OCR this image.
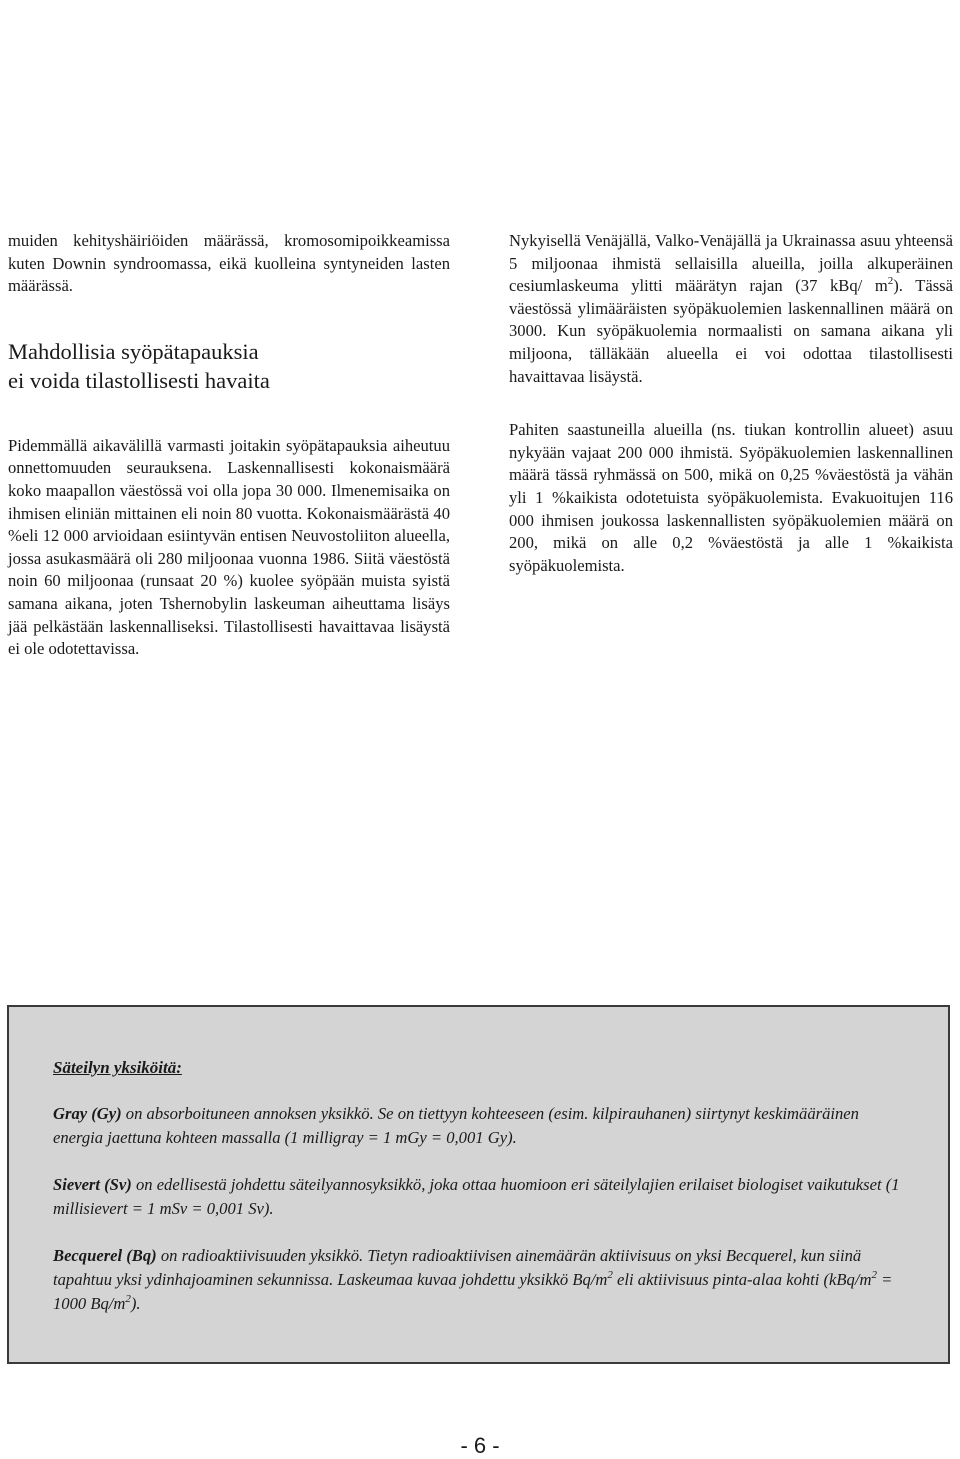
muiden kehityshäiriöiden määrässä, kromosomipoikkeamissa kuten Downin syndroomassa, eikä kuolleina syntyneiden lasten määrässä.

Mahdollisia syöpätapauksia
ei voida tilastollisesti havaita

Pidemmällä aikavälillä varmasti joitakin syöpätapauksia aiheutuu onnettomuuden seurauksena. Laskennallisesti kokonaismäärä koko maapallon väestössä voi olla jopa 30 000. Ilmenemisaika on ihmisen eliniän mittainen eli noin 80 vuotta. Kokonaismäärästä 40 %eli 12 000 arvioidaan esiintyvän entisen Neuvostoliiton alueella, jossa asukasmäärä oli 280 miljoonaa vuonna 1986. Siitä väestöstä noin 60 miljoonaa (runsaat 20 %) kuolee syöpään muista syistä samana aikana, joten Tshernobylin laskeuman aiheuttama lisäys jää pelkästään laskennalliseksi. Tilastollisesti havaittavaa lisäystä ei ole odotettavissa.

Nykyisellä Venäjällä, Valko-Venäjällä ja Ukrainassa asuu yhteensä 5 miljoonaa ihmistä sellaisilla alueilla, joilla alkuperäinen cesiumlaskeuma ylitti määrätyn rajan (37 kBq/ $m^2$). Tässä väestössä ylimääräisten syöpäkuolemien laskennallinen määrä on 3000. Kun syöpäkuolemia normaalisti on samana aikana yli miljoona, tälläkään alueella ei voi odottaa tilastollisesti havaittavaa lisäystä.

Pahiten saastuneilla alueilla (ns. tiukan kontrollin alueet) asuu nykyään vajaat 200 000 ihmistä. Syöpäkuolemien laskennallinen määrä tässä ryhmässä on 500, mikä on 0,25 %väestöstä ja vähän yli 1 %kaikista odotetuista syöpäkuolemista. Evakuoitujen 116 000 ihmisen joukossa laskennallisten syöpäkuolemien määrä on 200, mikä on alle 0,2 %väestöstä ja alle 1 %kaikista syöpäkuolemista.

Säteilyn yksiköitä:

Gray (Gy) on absorboituneen annoksen yksikkö. Se on tiettyyn kohteeseen (esim. kilpirauhanen) siirtynyt keskimääräinen energia jaettuna kohteen massalla (1 milligray = 1 mGy = 0,001 Gy).

Sievert (Sv) on edellisestä johdettu säteilyannosyksikkö, joka ottaa huomioon eri säteilylajien erilaiset biologiset vaikutukset (1 millisievert = 1 mSv = 0,001 Sv).

Becquerel (Bq) on radioaktiivisuuden yksikkö. Tietyn radioaktiivisen ainemäärän aktiivisuus on yksi Becquerel, kun siinä tapahtuu yksi ydinhajoaminen sekunnissa. Laskeumaa kuvaa johdettu yksikkö $Bq/m^2$ eli aktiivisuus pinta-alaa kohti ($kBq/m^2 = 1000$ $Bq/m^2$).

- 6 -
